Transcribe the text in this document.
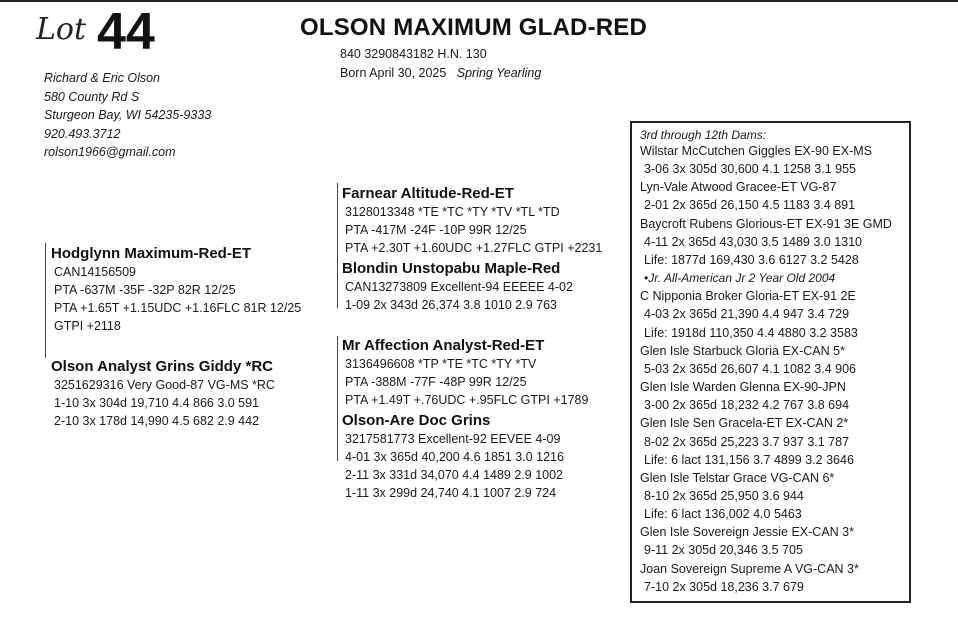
Lot 44	OLSON MAXIMUM GLAD-RED
840 3290843182 H.N. 130
Born April 30, 2025 Spring Yearling
Richard & Eric Olson
580 County Rd S
Sturgeon Bay, WI 54235-9333
920.493.3712
rolson1966@gmail.com
Hodglynn Maximum-Red-ET
CAN14156509
PTA -637M -35F -32P 82R 12/25
PTA +1.65T +1.15UDC +1.16FLC 81R 12/25
GTPI +2118
Olson Analyst Grins Giddy *RC
3251629316 Very Good-87 VG-MS *RC
1-10 3x 304d 19,710 4.4 866 3.0 591
2-10 3x 178d 14,990 4.5 682 2.9 442
Farnear Altitude-Red-ET
3128013348 *TE *TC *TY *TV *TL *TD
PTA -417M -24F -10P 99R 12/25
PTA +2.30T +1.60UDC +1.27FLC GTPI +2231
Blondin Unstopabu Maple-Red
CAN13273809 Excellent-94 EEEEE 4-02
1-09 2x 343d 26,374 3.8 1010 2.9 763
Mr Affection Analyst-Red-ET
3136496608 *TP *TE *TC *TY *TV
PTA -388M -77F -48P 99R 12/25
PTA +1.49T +.76UDC +.95FLC GTPI +1789
Olson-Are Doc Grins
3217581773 Excellent-92 EEVEE 4-09
4-01 3x 365d 40,200 4.6 1851 3.0 1216
2-11 3x 331d 34,070 4.4 1489 2.9 1002
1-11 3x 299d 24,740 4.1 1007 2.9 724
3rd through 12th Dams:
Wilstar McCutchen Giggles EX-90 EX-MS
3-06 3x 305d 30,600 4.1 1258 3.1 955
Lyn-Vale Atwood Gracee-ET VG-87
2-01 2x 365d 26,150 4.5 1183 3.4 891
Baycroft Rubens Glorious-ET EX-91 3E GMD
4-11 2x 365d 43,030 3.5 1489 3.0 1310
Life: 1877d 169,430 3.6 6127 3.2 5428
•Jr. All-American Jr 2 Year Old 2004
C Nipponia Broker Gloria-ET EX-91 2E
4-03 2x 365d 21,390 4.4 947 3.4 729
Life: 1918d 110,350 4.4 4880 3.2 3583
Glen Isle Starbuck Gloria EX-CAN 5*
5-03 2x 365d 26,607 4.1 1082 3.4 906
Glen Isle Warden Glenna EX-90-JPN
3-00 2x 365d 18,232 4.2 767 3.8 694
Glen Isle Sen Gracela-ET EX-CAN 2*
8-02 2x 365d 25,223 3.7 937 3.1 787
Life: 6 lact 131,156 3.7 4899 3.2 3646
Glen Isle Telstar Grace VG-CAN 6*
8-10 2x 365d 25,950 3.6 944
Life: 6 lact 136,002 4.0 5463
Glen Isle Sovereign Jessie EX-CAN 3*
9-11 2x 305d 20,346 3.5 705
Joan Sovereign Supreme A VG-CAN 3*
7-10 2x 305d 18,236 3.7 679
